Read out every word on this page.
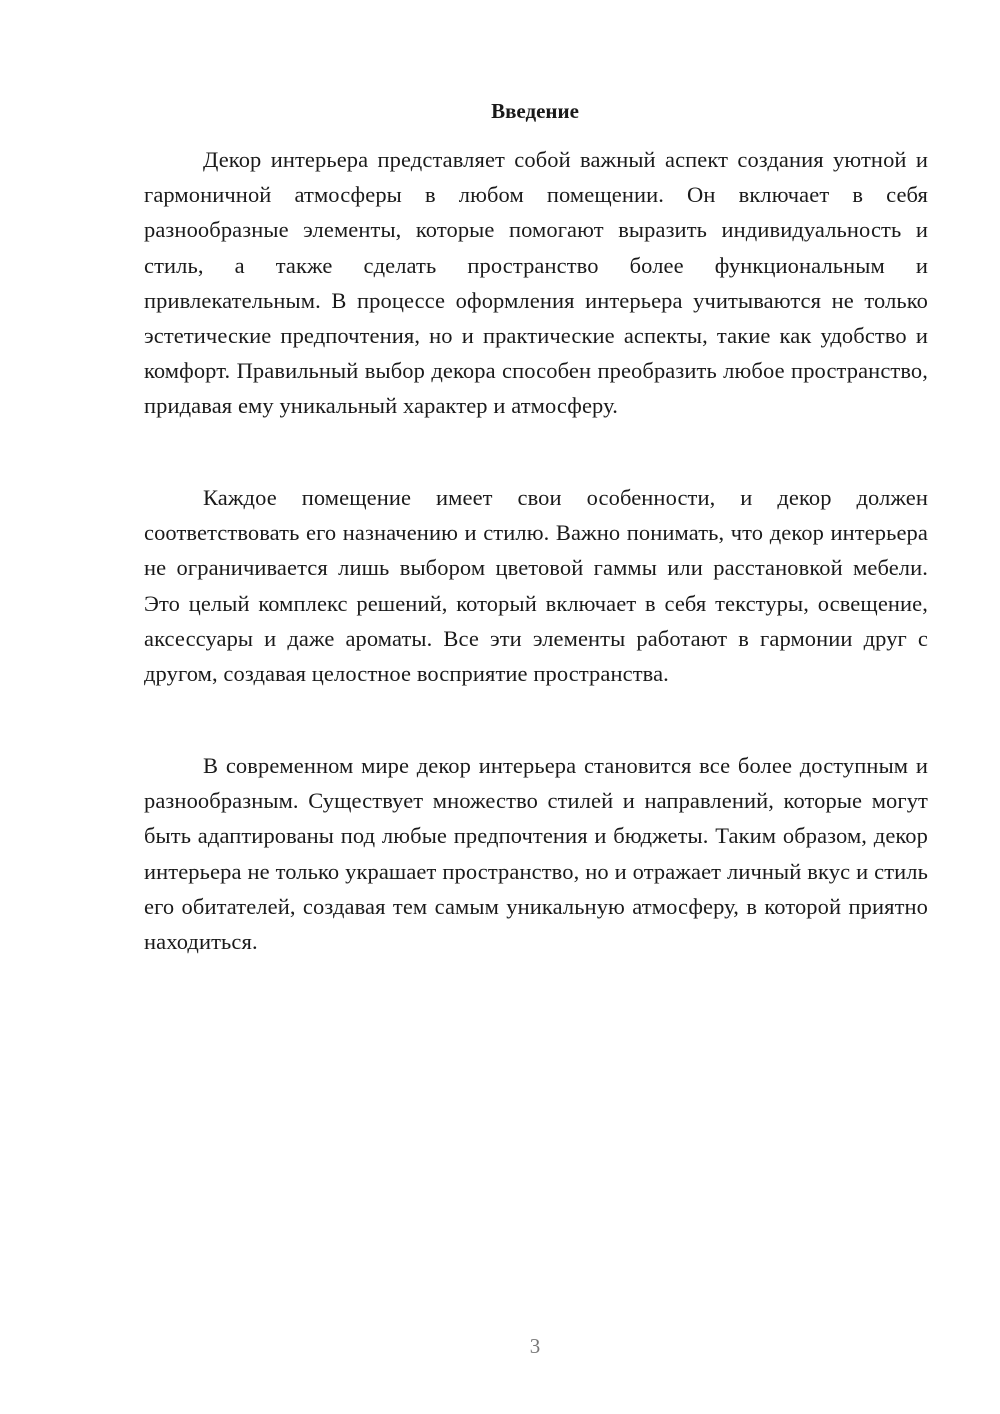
Введение

Декор интерьера представляет собой важный аспект создания уютной и гармоничной атмосферы в любом помещении. Он включает в себя разнообразные элементы, которые помогают выразить индивидуальность и стиль, а также сделать пространство более функциональным и привлекательным. В процессе оформления интерьера учитываются не только эстетические предпочтения, но и практические аспекты, такие как удобство и комфорт. Правильный выбор декора способен преобразить любое пространство, придавая ему уникальный характер и атмосферу.

Каждое помещение имеет свои особенности, и декор должен соответствовать его назначению и стилю. Важно понимать, что декор интерьера не ограничивается лишь выбором цветовой гаммы или расстановкой мебели. Это целый комплекс решений, который включает в себя текстуры, освещение, аксессуары и даже ароматы. Все эти элементы работают в гармонии друг с другом, создавая целостное восприятие пространства.

В современном мире декор интерьера становится все более доступным и разнообразным. Существует множество стилей и направлений, которые могут быть адаптированы под любые предпочтения и бюджеты. Таким образом, декор интерьера не только украшает пространство, но и отражает личный вкус и стиль его обитателей, создавая тем самым уникальную атмосферу, в которой приятно находиться.

3
